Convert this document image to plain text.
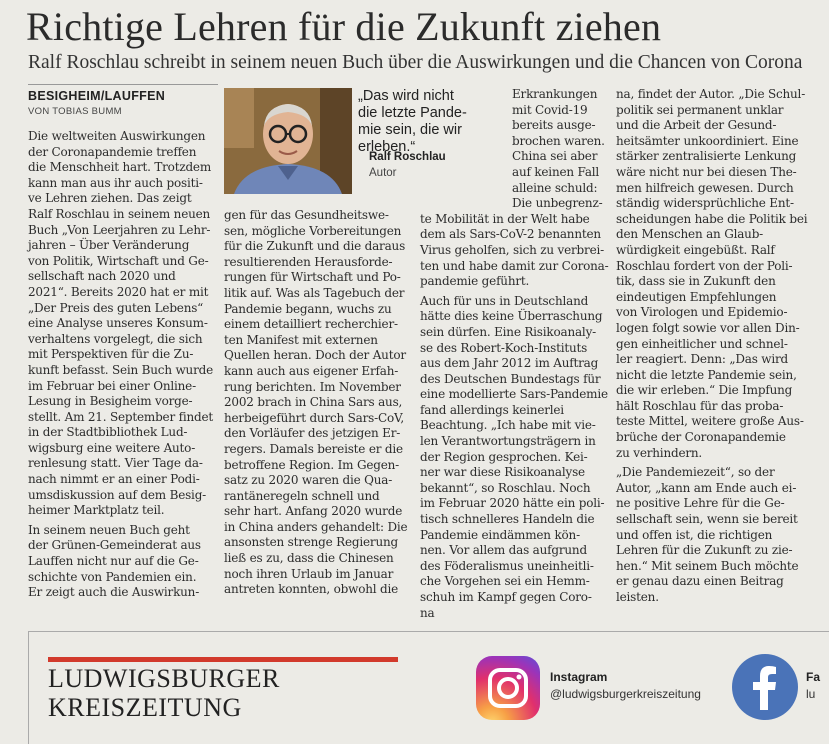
Richtige Lehren für die Zukunft ziehen
Ralf Roschlau schreibt in seinem neuen Buch über die Auswirkungen und die Chancen von Corona
BESIGHEIM/LAUFFEN
VON TOBIAS BUMM
„Das wird nicht
die letzte Pande-
mie sein, die wir
erleben.“
Ralf Roschlau
Autor

Die weltweiten Auswirkungen

der Coronapandemie treffen

die Menschheit hart. Trotzdem

kann man aus ihr auch positi-

ve Lehren ziehen. Das zeigt

Ralf Roschlau in seinem neuen

Buch „Von Leerjahren zu Lehr-

jahren – Über Veränderung

von Politik, Wirtschaft und Ge-

sellschaft nach 2020 und

2021“. Bereits 2020 hat er mit

„Der Preis des guten Lebens“

eine Analyse unseres Konsum-

verhaltens vorgelegt, die sich

mit Perspektiven für die Zu-

kunft befasst. Sein Buch wurde

im Februar bei einer Online-

Lesung in Besigheim vorge-

stellt. Am 21. September findet

in der Stadtbibliothek Lud-

wigsburg eine weitere Auto-

renlesung statt. Vier Tage da-

nach nimmt er an einer Podi-

umsdiskussion auf dem Besig-

heimer Marktplatz teil.

In seinem neuen Buch geht

der Grünen-Gemeinderat aus

Lauffen nicht nur auf die Ge-

schichte von Pandemien ein.

Er zeigt auch die Auswirkun-

gen für das Gesundheitswe-

sen, mögliche Vorbereitungen

für die Zukunft und die daraus

resultierenden Herausforde-

rungen für Wirtschaft und Po-

litik auf. Was als Tagebuch der

Pandemie begann, wuchs zu

einem detailliert recherchier-

ten Manifest mit externen

Quellen heran. Doch der Autor

kann auch aus eigener Erfah-

rung berichten. Im November

2002 brach in China Sars aus,

herbeigeführt durch Sars-CoV,

den Vorläufer des jetzigen Er-

regers. Damals bereiste er die

betroffene Region. Im Gegen-

satz zu 2020 waren die Qua-

rantäneregeln schnell und

sehr hart. Anfang 2020 wurde

in China anders gehandelt: Die

ansonsten strenge Regierung

ließ es zu, dass die Chinesen

noch ihren Urlaub im Januar

antreten konnten, obwohl die

Erkrankungen

mit Covid-19

bereits ausge-

brochen waren.

China sei aber

auf keinen Fall

alleine schuld:

Die unbegrenz-

te Mobilität in der Welt habe

dem als Sars-CoV-2 benannten

Virus geholfen, sich zu verbrei-

ten und habe damit zur Corona-

pandemie geführt.

Auch für uns in Deutschland

hätte dies keine Überraschung

sein dürfen. Eine Risikoanaly-

se des Robert-Koch-Instituts

aus dem Jahr 2012 im Auftrag

des Deutschen Bundestags für

eine modellierte Sars-Pandemie

fand allerdings keinerlei

Beachtung. „Ich habe mit vie-

len Verantwortungsträgern in

der Region gesprochen. Kei-

ner war diese Risikoanalyse

bekannt“, so Roschlau. Noch

im Februar 2020 hätte ein poli-

tisch schnelleres Handeln die

Pandemie eindämmen kön-

nen. Vor allem das aufgrund

des Föderalismus uneinheitli-

che Vorgehen sei ein Hemm-

schuh im Kampf gegen Coro-

na

na, findet der Autor. „Die Schul-

politik sei permanent unklar

und die Arbeit der Gesund-

heitsämter unkoordiniert. Eine

stärker zentralisierte Lenkung

wäre nicht nur bei diesen The-

men hilfreich gewesen. Durch

ständig widersprüchliche Ent-

scheidungen habe die Politik bei

den Menschen an Glaub-

würdigkeit eingebüßt. Ralf

Roschlau fordert von der Poli-

tik, dass sie in Zukunft den

eindeutigen Empfehlungen

von Virologen und Epidemio-

logen folgt sowie vor allen Din-

gen einheitlicher und schnel-

ler reagiert. Denn: „Das wird

nicht die letzte Pandemie sein,

die wir erleben.“ Die Impfung

hält Roschlau für das proba-

teste Mittel, weitere große Aus-

brüche der Coronapandemie

zu verhindern.

„Die Pandemiezeit“, so der

Autor, „kann am Ende auch ei-

ne positive Lehre für die Ge-

sellschaft sein, wenn sie bereit

und offen ist, die richtigen

Lehren für die Zukunft zu zie-

hen.“ Mit seinem Buch möchte

er genau dazu einen Beitrag

leisten.

LUDWIGSBURGER
KREISZEITUNG
Instagram
@ludwigsburgerkreiszeitung
Fa
lu
